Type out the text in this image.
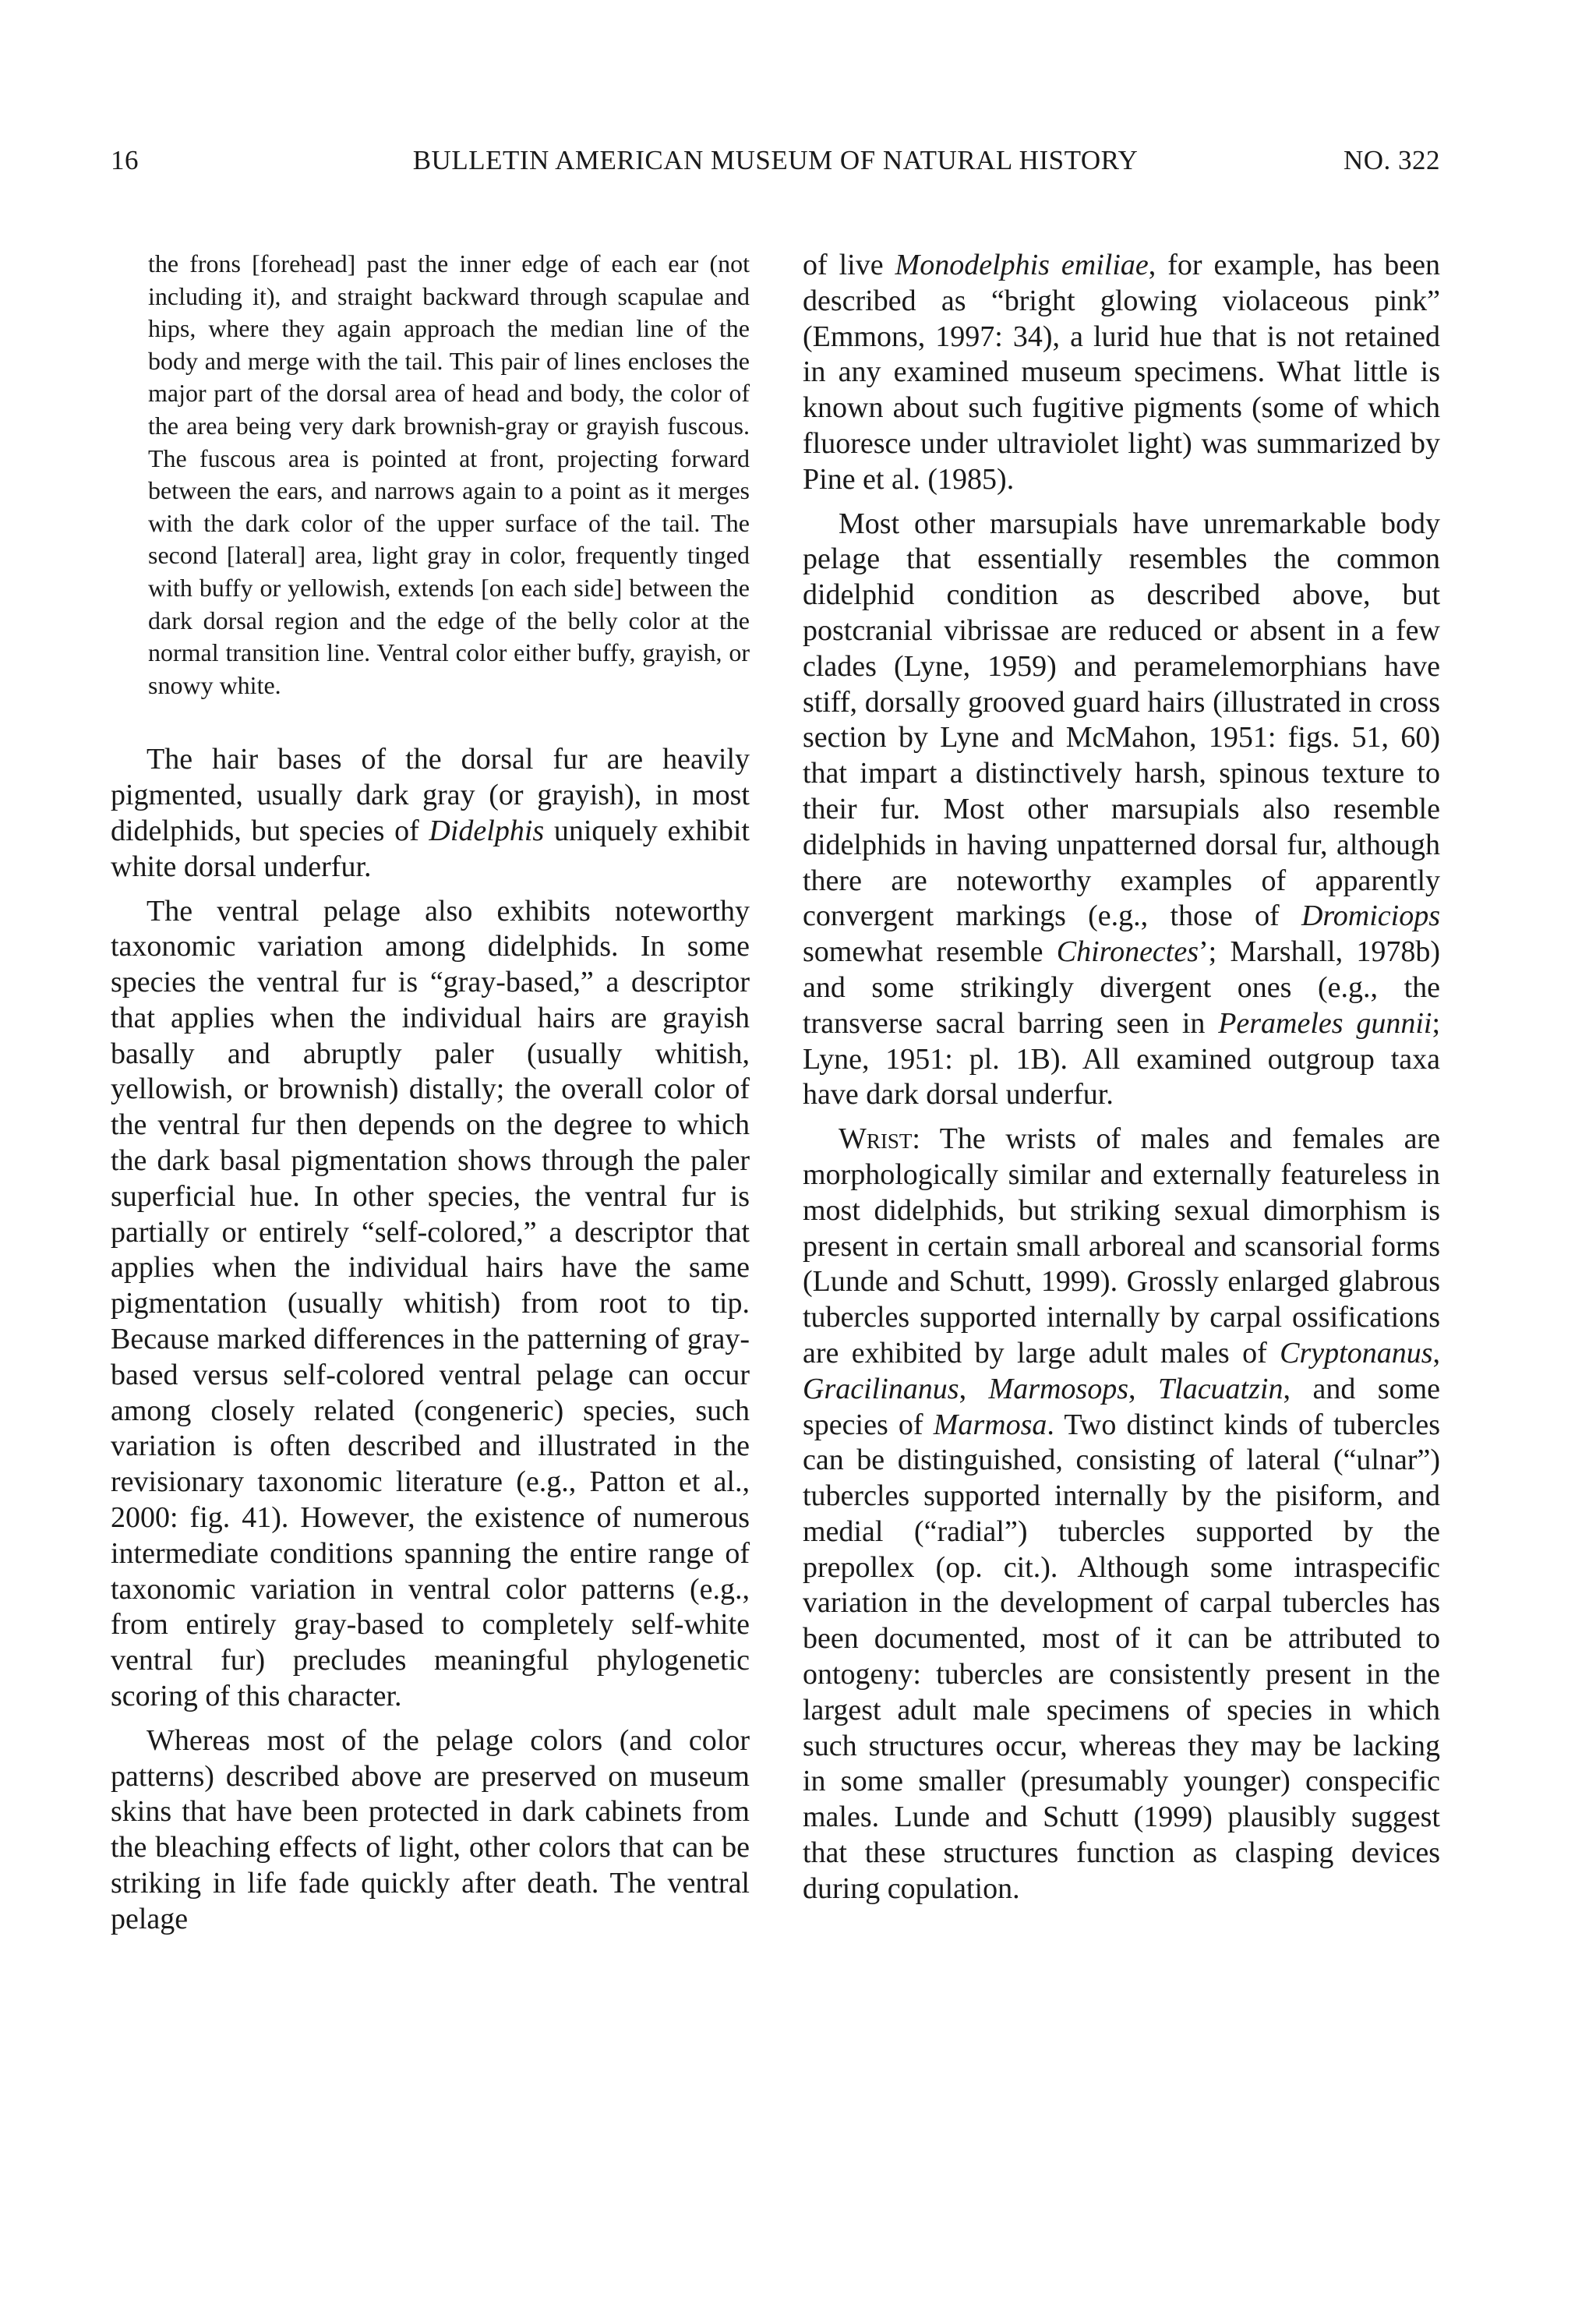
16	BULLETIN AMERICAN MUSEUM OF NATURAL HISTORY	NO. 322

the frons [forehead] past the inner edge of each ear (not including it), and straight backward through scapulae and hips, where they again approach the median line of the body and merge with the tail. This pair of lines encloses the major part of the dorsal area of head and body, the color of the area being very dark brownish-gray or grayish fuscous. The fuscous area is pointed at front, projecting forward between the ears, and narrows again to a point as it merges with the dark color of the upper surface of the tail. The second [lateral] area, light gray in color, frequently tinged with buffy or yellowish, extends [on each side] between the dark dorsal region and the edge of the belly color at the normal transition line. Ventral color either buffy, grayish, or snowy white.

The hair bases of the dorsal fur are heavily pigmented, usually dark gray (or grayish), in most didelphids, but species of Didelphis uniquely exhibit white dorsal underfur.

The ventral pelage also exhibits noteworthy taxonomic variation among didelphids. In some species the ventral fur is “gray-based,” a descriptor that applies when the individual hairs are grayish basally and abruptly paler (usually whitish, yellowish, or brownish) distally; the overall color of the ventral fur then depends on the degree to which the dark basal pigmentation shows through the paler superficial hue. In other species, the ventral fur is partially or entirely “self-colored,” a descriptor that applies when the individual hairs have the same pigmentation (usually whitish) from root to tip. Because marked differences in the patterning of gray-based versus self-colored ventral pelage can occur among closely related (congeneric) species, such variation is often described and illustrated in the revisionary taxonomic literature (e.g., Patton et al., 2000: fig. 41). However, the existence of numerous intermediate conditions spanning the entire range of taxonomic variation in ventral color patterns (e.g., from entirely gray-based to completely self-white ventral fur) precludes meaningful phylogenetic scoring of this character.

Whereas most of the pelage colors (and color patterns) described above are preserved on museum skins that have been protected in dark cabinets from the bleaching effects of light, other colors that can be striking in life fade quickly after death. The ventral pelage

of live Monodelphis emiliae, for example, has been described as “bright glowing violaceous pink” (Emmons, 1997: 34), a lurid hue that is not retained in any examined museum specimens. What little is known about such fugitive pigments (some of which fluoresce under ultraviolet light) was summarized by Pine et al. (1985).

Most other marsupials have unremarkable body pelage that essentially resembles the common didelphid condition as described above, but postcranial vibrissae are reduced or absent in a few clades (Lyne, 1959) and peramelemorphians have stiff, dorsally grooved guard hairs (illustrated in cross section by Lyne and McMahon, 1951: figs. 51, 60) that impart a distinctively harsh, spinous texture to their fur. Most other marsupials also resemble didelphids in having unpatterned dorsal fur, although there are noteworthy examples of apparently convergent markings (e.g., those of Dromiciops somewhat resemble Chironectes’; Marshall, 1978b) and some strikingly divergent ones (e.g., the transverse sacral barring seen in Perameles gunnii; Lyne, 1951: pl. 1B). All examined outgroup taxa have dark dorsal underfur.

Wrist: The wrists of males and females are morphologically similar and externally featureless in most didelphids, but striking sexual dimorphism is present in certain small arboreal and scansorial forms (Lunde and Schutt, 1999). Grossly enlarged glabrous tubercles supported internally by carpal ossifications are exhibited by large adult males of Cryptonanus, Gracilinanus, Marmosops, Tlacuatzin, and some species of Marmosa. Two distinct kinds of tubercles can be distinguished, consisting of lateral (“ulnar”) tubercles supported internally by the pisiform, and medial (“radial”) tubercles supported by the prepollex (op. cit.). Although some intraspecific variation in the development of carpal tubercles has been documented, most of it can be attributed to ontogeny: tubercles are consistently present in the largest adult male specimens of species in which such structures occur, whereas they may be lacking in some smaller (presumably younger) conspecific males. Lunde and Schutt (1999) plausibly suggest that these structures function as clasping devices during copulation.
